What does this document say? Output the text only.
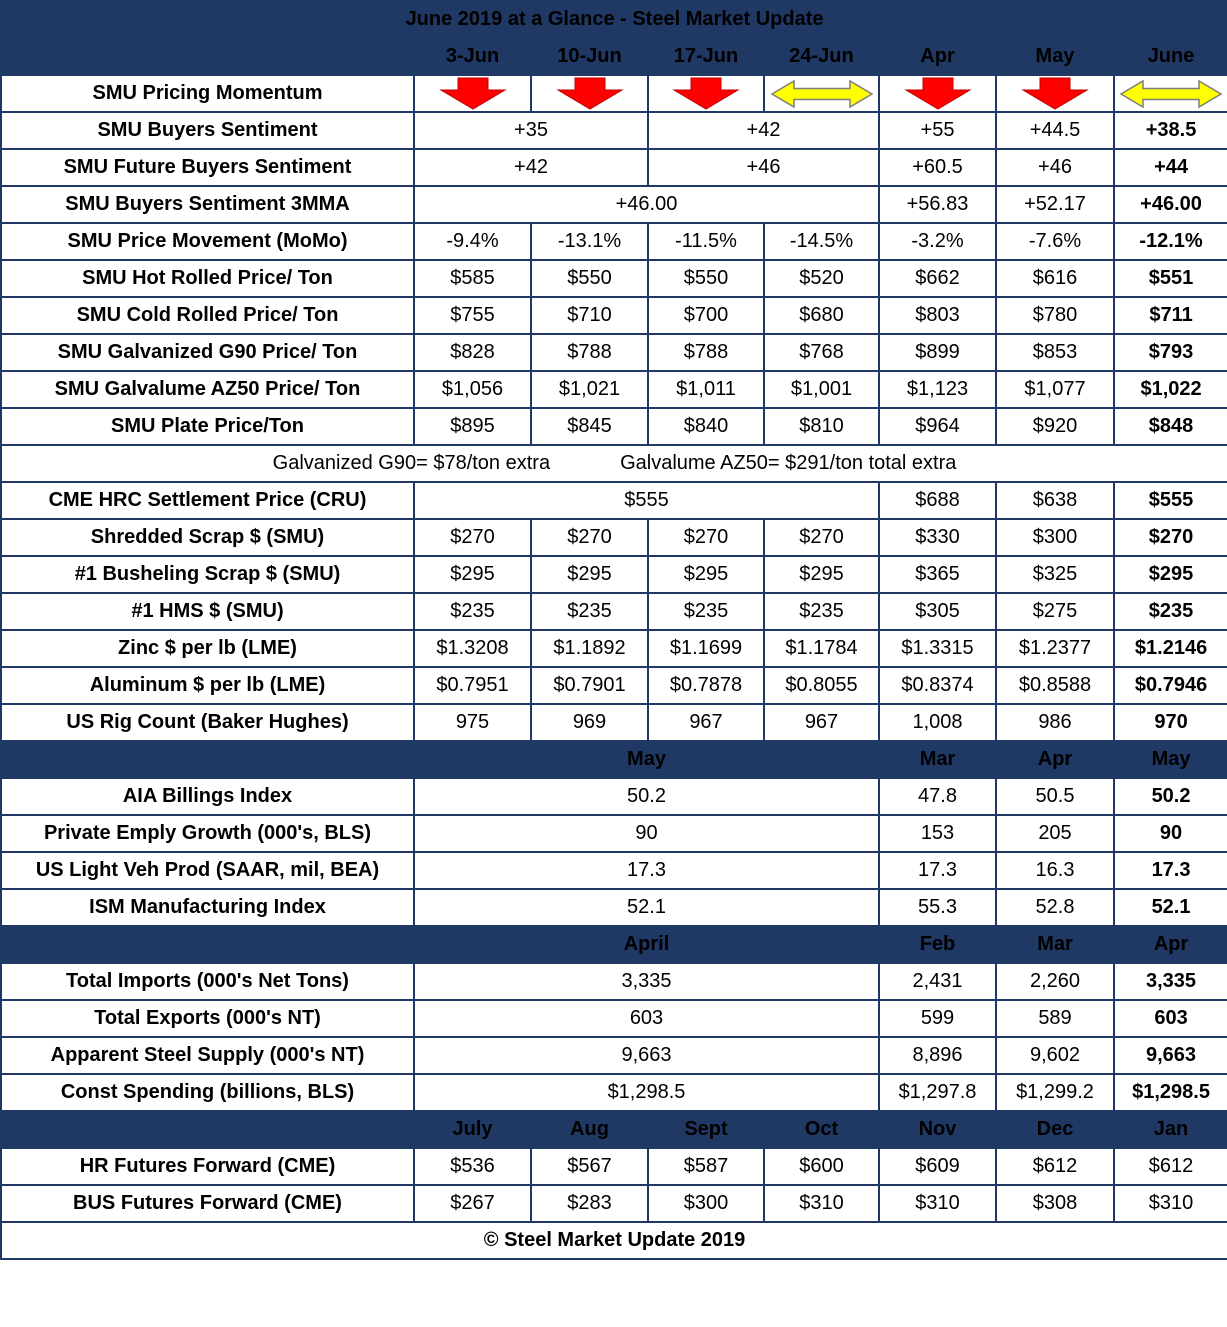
June 2019 at a Glance - Steel Market Update							
	3-Jun	10-Jun	17-Jun	24-Jun	Apr	May	June
SMU Pricing Momentum							
SMU Buyers Sentiment	+35		+42		+55	+44.5	+38.5
SMU Future Buyers Sentiment	+42		+46		+60.5	+46	+44
SMU Buyers Sentiment 3MMA	+46.00				+56.83	+52.17	+46.00
SMU Price Movement (MoMo)	-9.4%	-13.1%	-11.5%	-14.5%	-3.2%	-7.6%	-12.1%
SMU Hot Rolled Price/ Ton	$585	$550	$550	$520	$662	$616	$551
SMU Cold Rolled Price/ Ton	$755	$710	$700	$680	$803	$780	$711
SMU Galvanized G90 Price/ Ton	$828	$788	$788	$768	$899	$853	$793
SMU Galvalume AZ50 Price/ Ton	$1,056	$1,021	$1,011	$1,001	$1,123	$1,077	$1,022
SMU Plate Price/Ton	$895	$845	$840	$810	$964	$920	$848

Galvanized G90= $78/ton extra Galvalume AZ50= $291/ton total extra							

CME HRC Settlement Price (CRU)	$555				$688	$638	$555
Shredded Scrap $ (SMU)	$270	$270	$270	$270	$330	$300	$270
#1 Busheling Scrap $ (SMU)	$295	$295	$295	$295	$365	$325	$295
#1 HMS $ (SMU)	$235	$235	$235	$235	$305	$275	$235
Zinc $ per lb (LME)	$1.3208	$1.1892	$1.1699	$1.1784	$1.3315	$1.2377	$1.2146
Aluminum $ per lb (LME)	$0.7951	$0.7901	$0.7878	$0.8055	$0.8374	$0.8588	$0.7946
US Rig Count (Baker Hughes)	975	969	967	967	1,008	986	970
	May				Mar	Apr	May
AIA Billings Index	50.2				47.8	50.5	50.2
Private Emply Growth (000's, BLS)	90				153	205	90
US Light Veh Prod (SAAR, mil, BEA)	17.3				17.3	16.3	17.3
ISM Manufacturing Index	52.1				55.3	52.8	52.1
	April				Feb	Mar	Apr
Total Imports (000's Net Tons)	3,335				2,431	2,260	3,335
Total Exports (000's NT)	603				599	589	603
Apparent Steel Supply (000's NT)	9,663				8,896	9,602	9,663
Const Spending (billions, BLS)	$1,298.5				$1,297.8	$1,299.2	$1,298.5
	July	Aug	Sept	Oct	Nov	Dec	Jan
HR Futures Forward (CME)	$536	$567	$587	$600	$609	$612	$612
BUS Futures Forward (CME)	$267	$283	$300	$310	$310	$308	$310
© Steel Market Update 2019							
